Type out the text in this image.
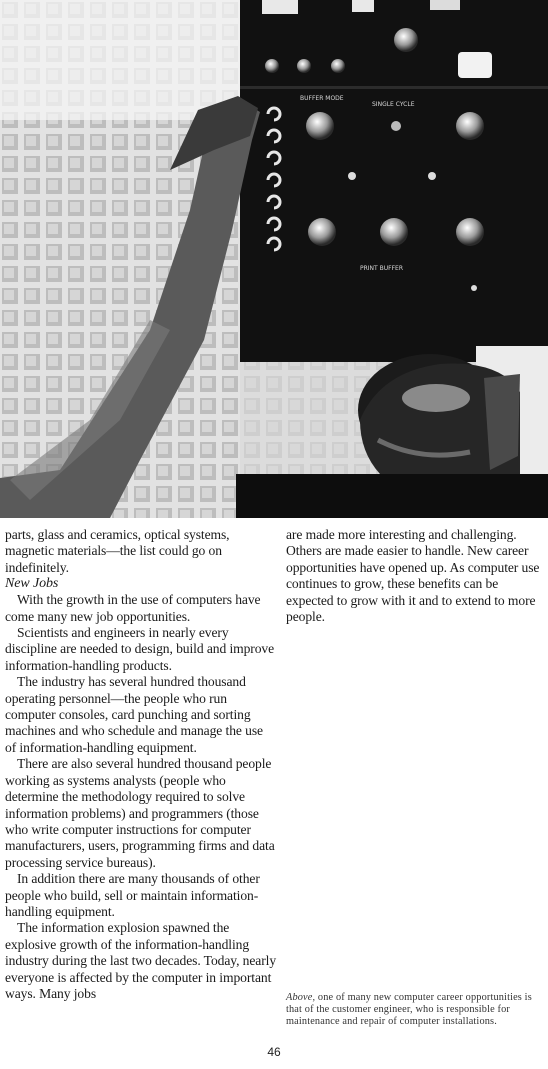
BUFFER MODE
SINGLE CYCLE
PRINT BUFFER

parts, glass and ceramics, optical systems, magnetic materials—the list could go on indefinitely.

New Jobs

With the growth in the use of computers have come many new job opportunities.

Scientists and engineers in nearly every discipline are needed to design, build and improve information-handling products.

The industry has several hundred thousand operating personnel—the people who run computer consoles, card punching and sorting machines and who schedule and manage the use of information-handling equipment.

There are also several hundred thousand people working as systems analysts (people who determine the methodology required to solve information problems) and programmers (those who write computer instructions for computer manufacturers, users, programming firms and data processing service bureaus).

In addition there are many thousands of other people who build, sell or maintain information-handling equipment.

The information explosion spawned the explosive growth of the information-handling industry during the last two decades. Today, nearly everyone is affected by the computer in important ways. Many jobs

are made more interesting and challenging. Others are made easier to handle. New career opportunities have opened up. As computer use continues to grow, these benefits can be expected to grow with it and to extend to more people.

Above, one of many new computer career opportunities is that of the customer engineer, who is responsible for maintenance and repair of computer installations.
46
